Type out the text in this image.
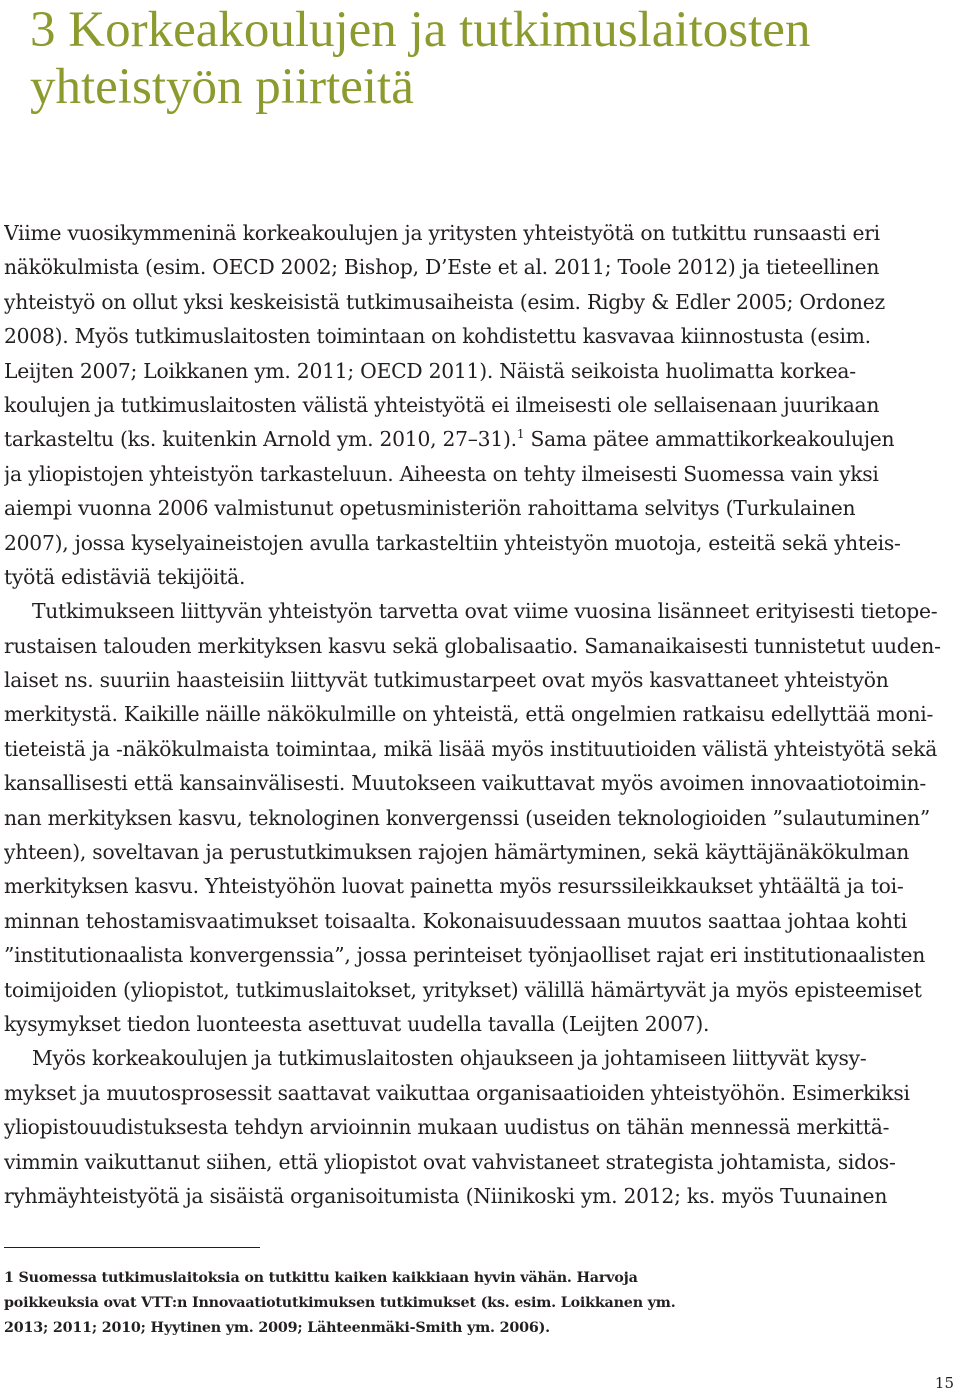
3 Korkeakoulujen ja tutkimuslaitosten
yhteistyön piirteitä
Viime vuosikymmeninä korkeakoulujen ja yritysten yhteistyötä on tutkittu runsaasti eri
näkökulmista (esim. OECD 2002; Bishop, D’Este et al. 2011; Toole 2012) ja tieteellinen
yhteistyö on ollut yksi keskeisistä tutkimusaiheista (esim. Rigby & Edler 2005; Ordonez
2008). Myös tutkimuslaitosten toimintaan on kohdistettu kasvavaa kiinnostusta (esim.
Leijten 2007; Loikkanen ym. 2011; OECD 2011). Näistä seikoista huolimatta korkea-
koulujen ja tutkimuslaitosten välistä yhteistyötä ei ilmeisesti ole sellaisenaan juurikaan
tarkasteltu (ks. kuitenkin Arnold ym. 2010, 27–31).$^1$ Sama pätee ammattikorkeakoulujen
ja yliopistojen yhteistyön tarkasteluun. Aiheesta on tehty ilmeisesti Suomessa vain yksi
aiempi vuonna 2006 valmistunut opetusministeriön rahoittama selvitys (Turkulainen
2007), jossa kyselyaineistojen avulla tarkasteltiin yhteistyön muotoja, esteitä sekä yhteis-
työtä edistäviä tekijöitä.
Tutkimukseen liittyvän yhteistyön tarvetta ovat viime vuosina lisänneet erityisesti tietope-
rustaisen talouden merkityksen kasvu sekä globalisaatio. Samanaikaisesti tunnistetut uuden-
laiset ns. suuriin haasteisiin liittyvät tutkimustarpeet ovat myös kasvattaneet yhteistyön
merkitystä. Kaikille näille näkökulmille on yhteistä, että ongelmien ratkaisu edellyttää moni-
tieteistä ja -näkökulmaista toimintaa, mikä lisää myös instituutioiden välistä yhteistyötä sekä
kansallisesti että kansainvälisesti. Muutokseen vaikuttavat myös avoimen innovaatiotoimin-
nan merkityksen kasvu, teknologinen konvergenssi (useiden teknologioiden ”sulautuminen”
yhteen), soveltavan ja perustutkimuksen rajojen hämärtyminen, sekä käyttäjänäkökulman
merkityksen kasvu. Yhteistyöhön luovat painetta myös resurssileikkaukset yhtäältä ja toi-
minnan tehostamisvaatimukset toisaalta. Kokonaisuudessaan muutos saattaa johtaa kohti
”institutionaalista konvergenssia”, jossa perinteiset työnjaolliset rajat eri institutionaalisten
toimijoiden (yliopistot, tutkimuslaitokset, yritykset) välillä hämärtyvät ja myös episteemiset
kysymykset tiedon luonteesta asettuvat uudella tavalla (Leijten 2007).
Myös korkeakoulujen ja tutkimuslaitosten ohjaukseen ja johtamiseen liittyvät kysy-
mykset ja muutosprosessit saattavat vaikuttaa organisaatioiden yhteistyöhön. Esimerkiksi
yliopistouudistuksesta tehdyn arvioinnin mukaan uudistus on tähän mennessä merkittä-
vimmin vaikuttanut siihen, että yliopistot ovat vahvistaneet strategista johtamista, sidos-
ryhmäyhteistyötä ja sisäistä organisoitumista (Niinikoski ym. 2012; ks. myös Tuunainen
1 Suomessa tutkimuslaitoksia on tutkittu kaiken kaikkiaan hyvin vähän. Harvoja
poikkeuksia ovat VTT:n Innovaatiotutkimuksen tutkimukset (ks. esim. Loikkanen ym.
2013; 2011; 2010; Hyytinen ym. 2009; Lähteenmäki-Smith ym. 2006).
15
